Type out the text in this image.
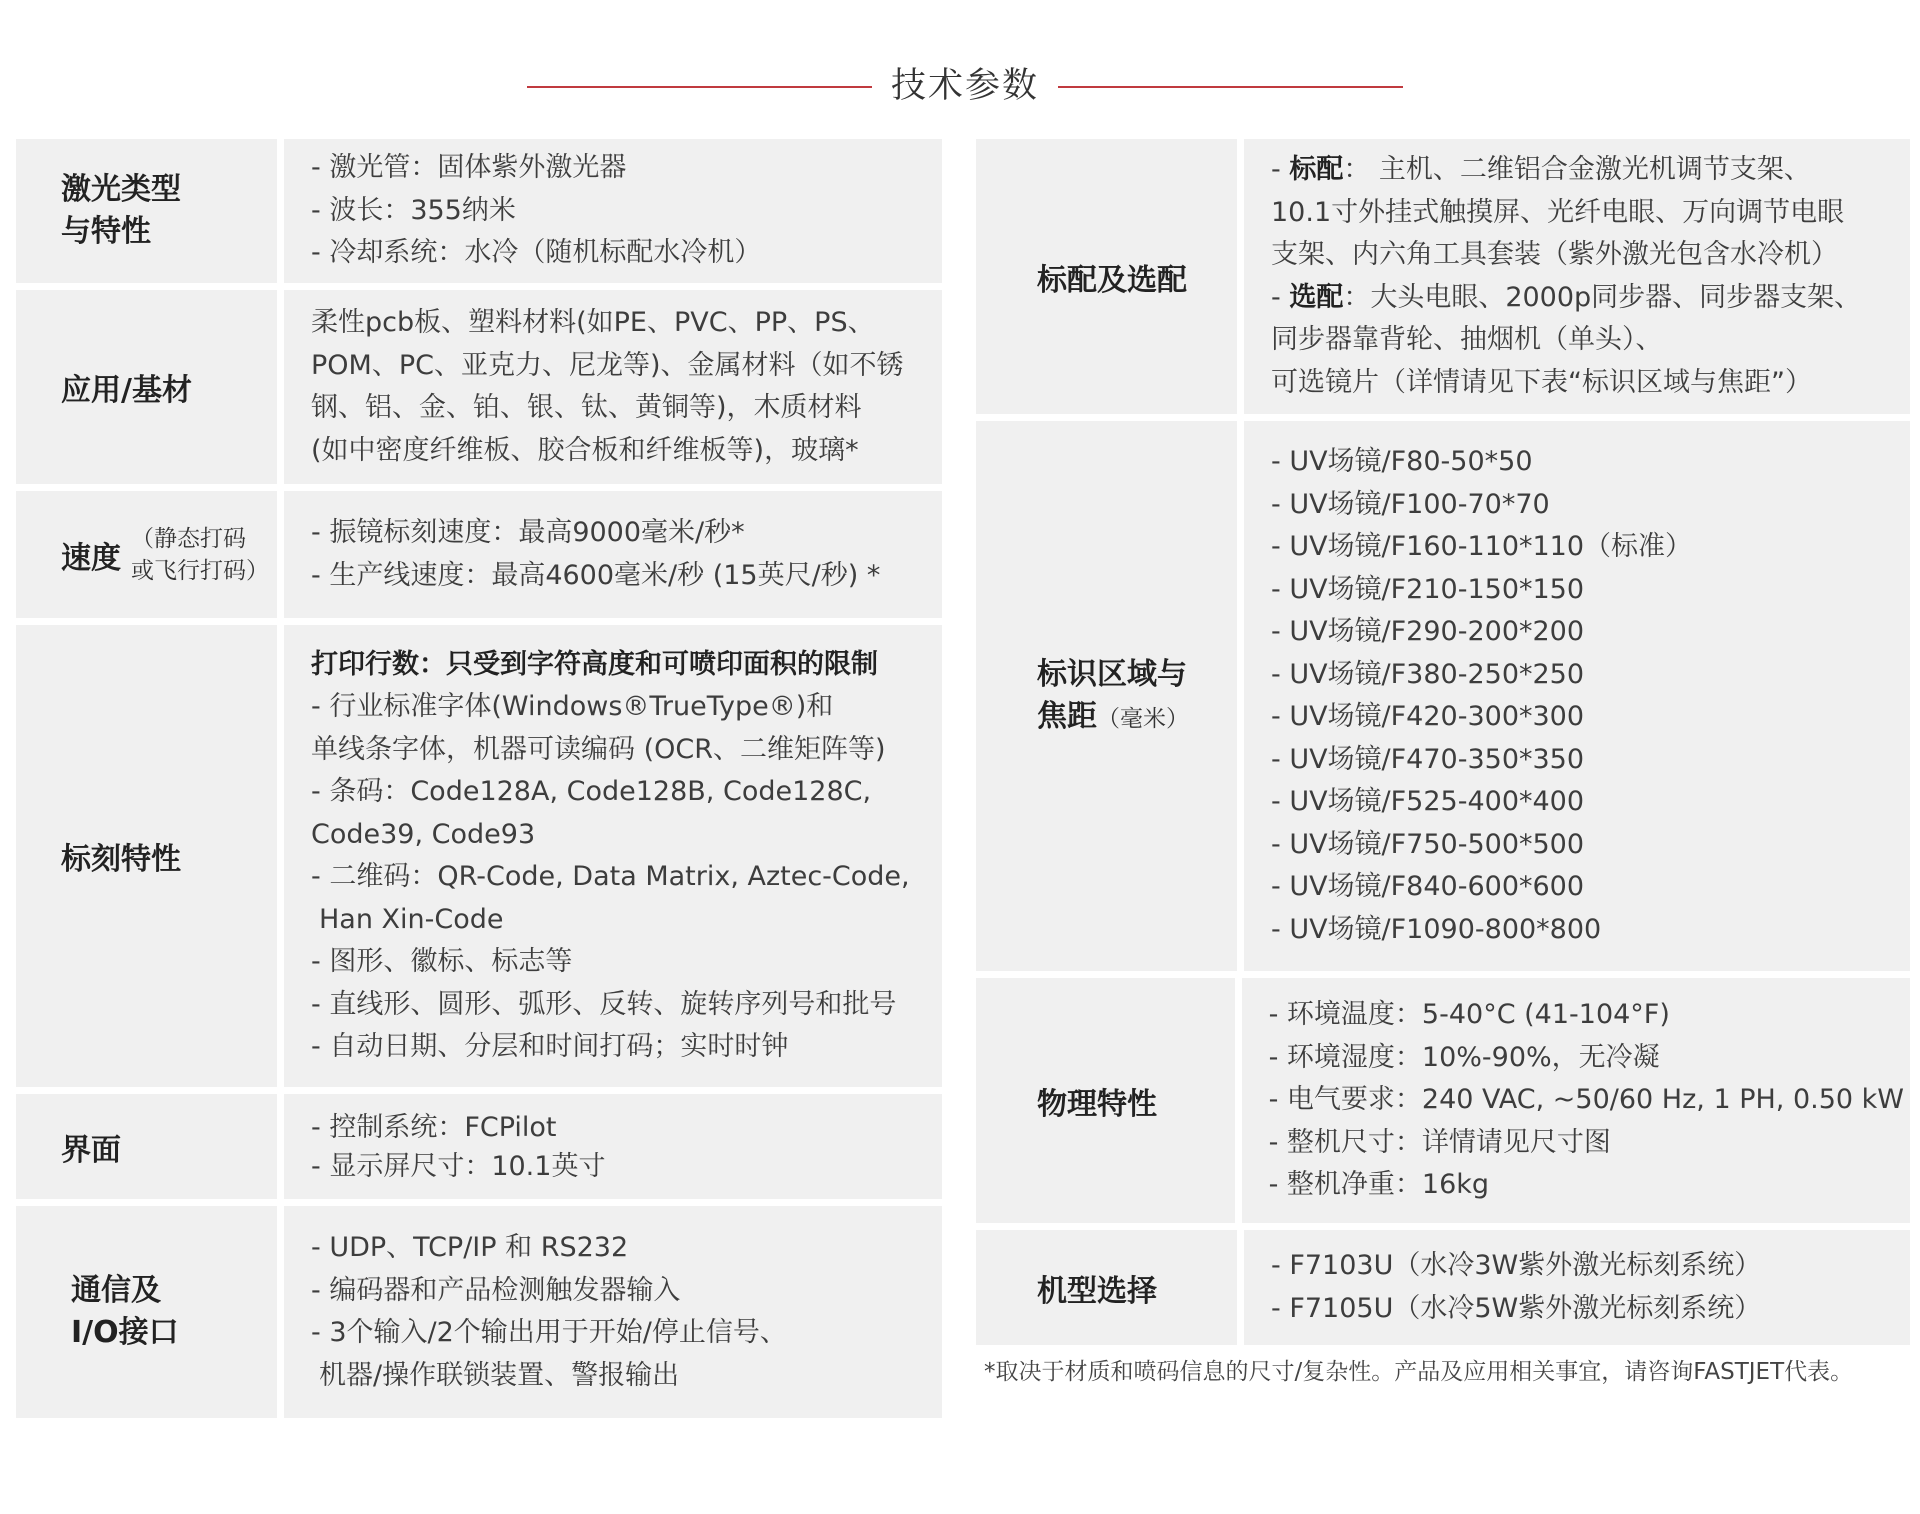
技术参数
激光类型
与特性
- 激光管：固体紫外激光器
- 波长：355纳米
- 冷却系统：水冷（随机标配水冷机）
应用/基材
柔性pcb板、塑料材料(如PE、PVC、PP、PS、
POM、PC、亚克力、尼龙等)、金属材料（如不锈
钢、铝、金、铂、银、钛、黄铜等)，木质材料
(如中密度纤维板、胶合板和纤维板等)，玻璃*
速度
（静态打码
或飞行打码）
- 振镜标刻速度：最高9000毫米/秒*
- 生产线速度：最高4600毫米/秒 (15英尺/秒) *
标刻特性
打印行数：只受到字符高度和可喷印面积的限制
- 行业标准字体(Windows®TrueType®)和
单线条字体，机器可读编码 (OCR、二维矩阵等)
- 条码：Code128A, Code128B, Code128C,
Code39, Code93
- 二维码：QR-Code, Data Matrix, Aztec-Code,
Han Xin-Code
- 图形、徽标、标志等
- 直线形、圆形、弧形、反转、旋转序列号和批号
- 自动日期、分层和时间打码；实时时钟
界面
- 控制系统：FCPilot
- 显示屏尺寸：10.1英寸
通信及
I/O接口
- UDP、TCP/IP 和 RS232
- 编码器和产品检测触发器输入
- 3个输入/2个输出用于开始/停止信号、
机器/操作联锁装置、警报输出
标配及选配
- 标配： 主机、二维铝合金激光机调节支架、
10.1寸外挂式触摸屏、光纤电眼、万向调节电眼
支架、内六角工具套装（紫外激光包含水冷机）
- 选配：大头电眼、2000p同步器、同步器支架、
同步器靠背轮、抽烟机（单头）、
可选镜片（详情请见下表“标识区域与焦距”）
标识区域与
焦距（毫米）
- UV场镜/F80-50*50
- UV场镜/F100-70*70
- UV场镜/F160-110*110（标准）
- UV场镜/F210-150*150
- UV场镜/F290-200*200
- UV场镜/F380-250*250
- UV场镜/F420-300*300
- UV场镜/F470-350*350
- UV场镜/F525-400*400
- UV场镜/F750-500*500
- UV场镜/F840-600*600
- UV场镜/F1090-800*800
物理特性
- 环境温度：5-40°C (41-104°F)
- 环境湿度：10%-90%，无冷凝
- 电气要求：240 VAC, ~50/60 Hz, 1 PH, 0.50 kW
- 整机尺寸：详情请见尺寸图
- 整机净重：16kg
机型选择
- F7103U（水冷3W紫外激光标刻系统）
- F7105U（水冷5W紫外激光标刻系统）
*取决于材质和喷码信息的尺寸/复杂性。产品及应用相关事宜，请咨询FASTJET代表。
